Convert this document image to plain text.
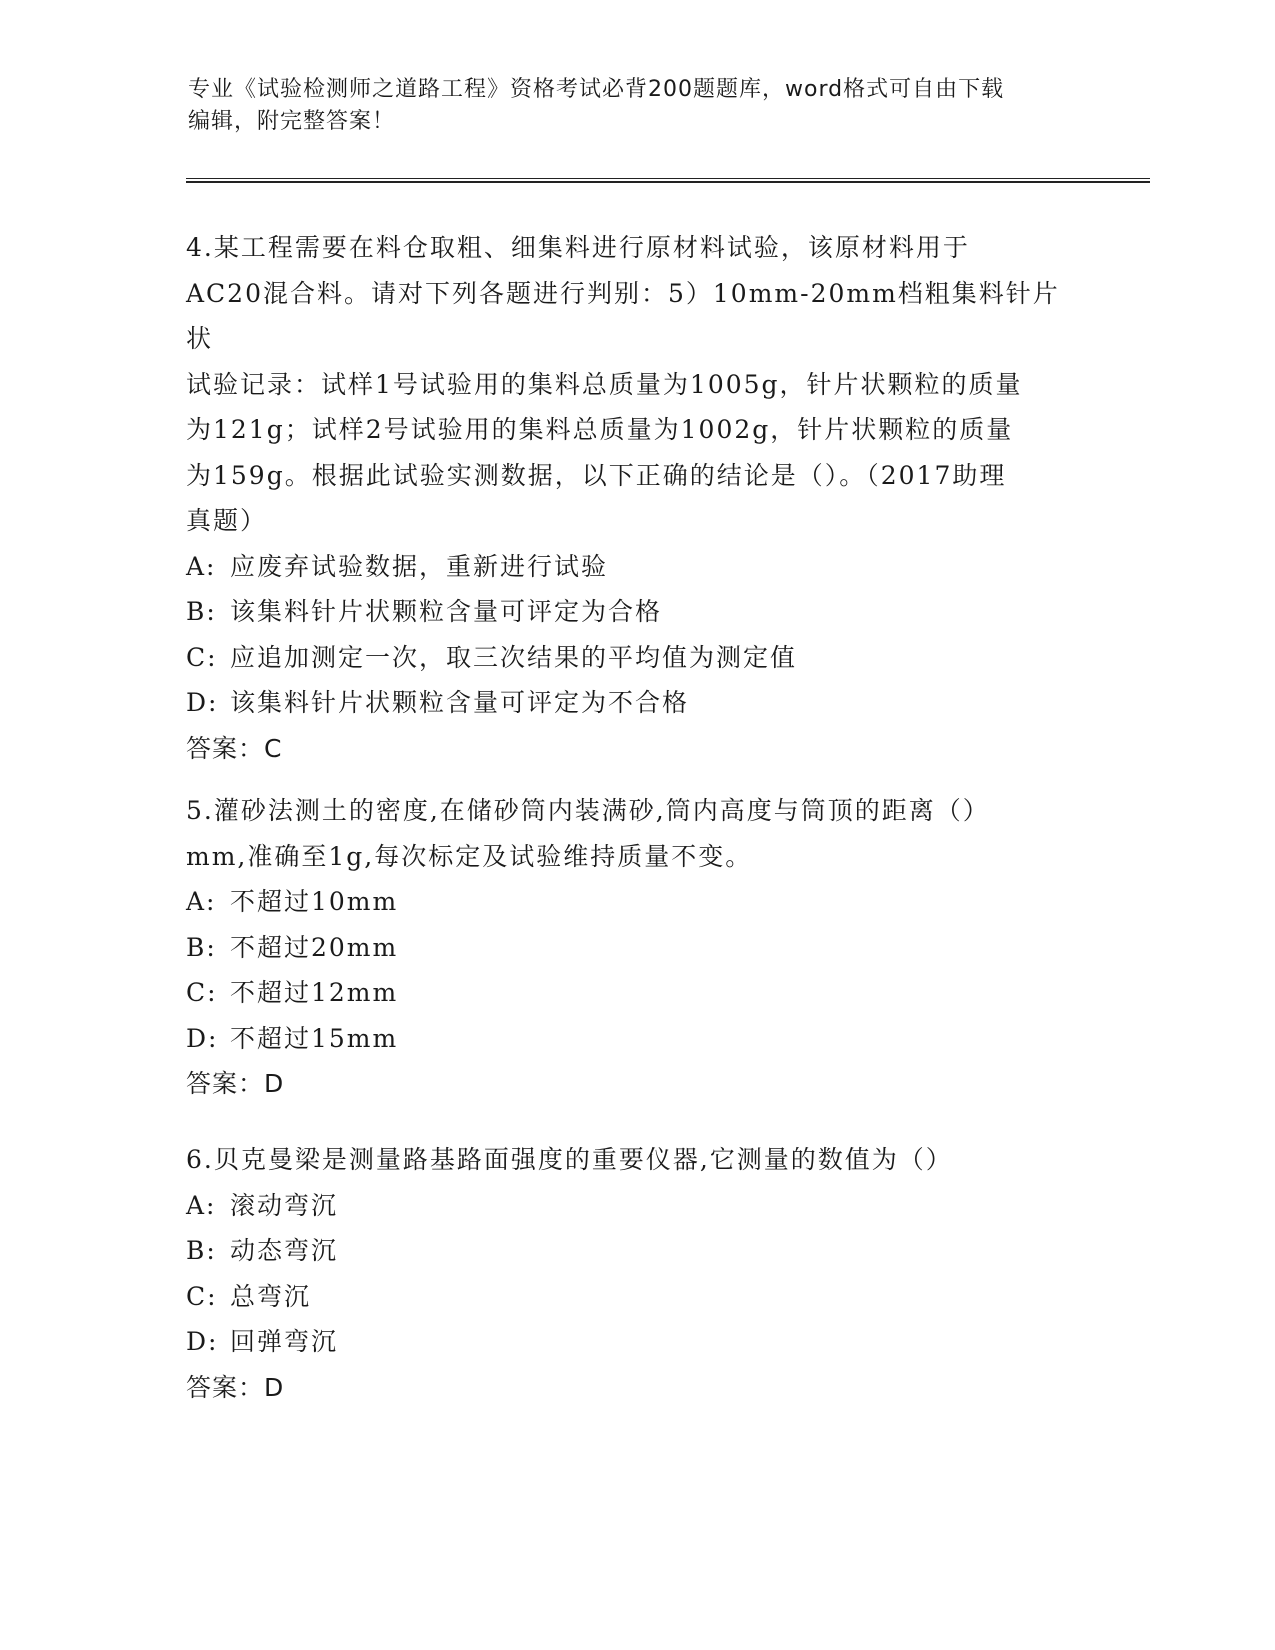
专业《试验检测师之道路工程》资格考试必背200题题库，word格式可自由下载
编辑，附完整答案！
4.某工程需要在料仓取粗、细集料进行原材料试验，该原材料用于
AC20混合料。请对下列各题进行判别：5）10mm-20mm档粗集料针片状
试验记录：试样1号试验用的集料总质量为1005g，针片状颗粒的质量
为121g；试样2号试验用的集料总质量为1002g，针片状颗粒的质量
为159g。根据此试验实测数据，以下正确的结论是（）。（2017助理
真题）
A: 应废弃试验数据，重新进行试验
B: 该集料针片状颗粒含量可评定为合格
C: 应追加测定一次，取三次结果的平均值为测定值
D: 该集料针片状颗粒含量可评定为不合格
答案：C
5.灌砂法测土的密度,在储砂筒内装满砂,筒内高度与筒顶的距离（）
mm,准确至1g,每次标定及试验维持质量不变。
A: 不超过10mm
B: 不超过20mm
C: 不超过12mm
D: 不超过15mm
答案：D
6.贝克曼梁是测量路基路面强度的重要仪器,它测量的数值为（）
A: 滚动弯沉
B: 动态弯沉
C: 总弯沉
D: 回弹弯沉
答案：D
